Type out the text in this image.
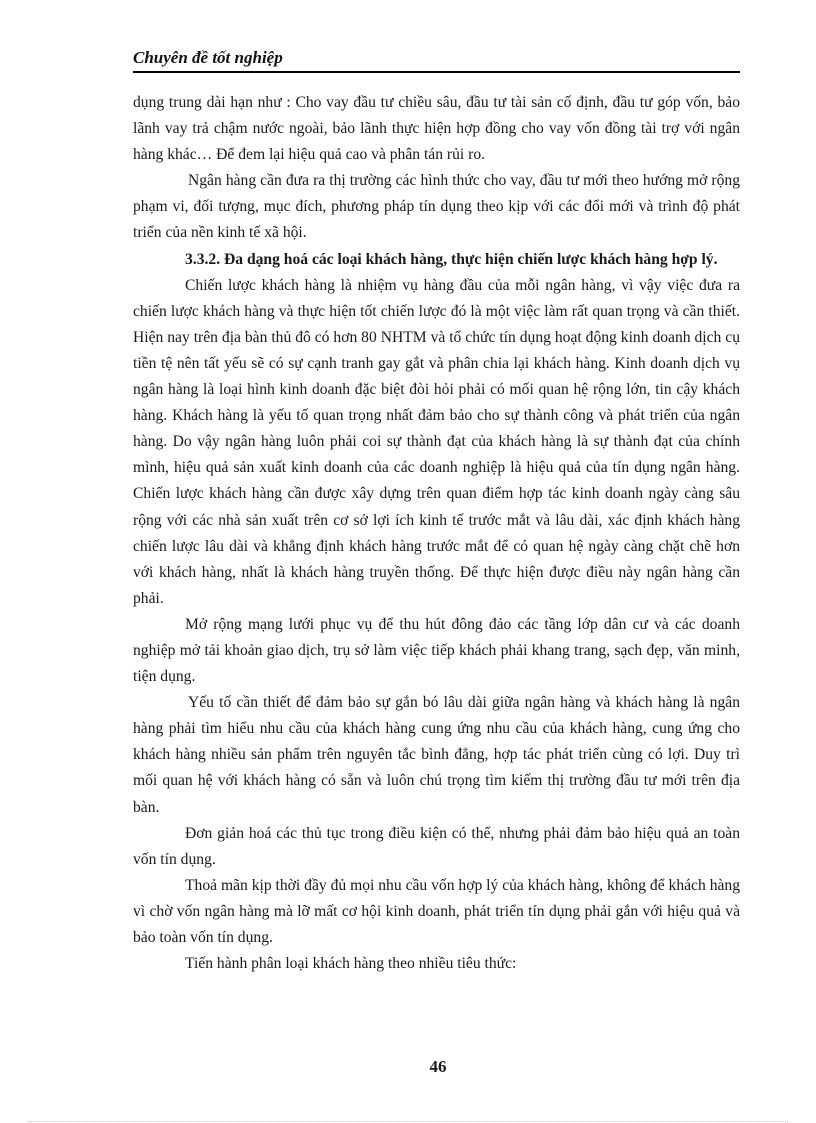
Chuyên đề tốt nghiệp

dụng trung dài hạn như : Cho vay đầu tư chiều sâu, đầu tư tài sản cố định, đầu tư góp vốn, bảo lãnh vay trả chậm nước ngoài, bảo lãnh thực hiện hợp đồng cho vay vốn đồng tài trợ với ngân hàng khác… Để đem lại hiệu quả cao và phân tán rủi ro.

Ngân hàng cần đưa ra thị trường các hình thức cho vay, đầu tư mới theo hướng mở rộng phạm vi, đối tượng, mục đích, phương pháp tín dụng theo kịp với các đổi mới và trình độ phát triển của nền kinh tế xã hội.

3.3.2. Đa dạng hoá các loại khách hàng, thực hiện chiến lược khách hàng hợp lý.

Chiến lược khách hàng là nhiệm vụ hàng đầu của mỗi ngân hàng, vì vậy việc đưa ra chiến lược khách hàng và thực hiện tốt chiến lược đó là một việc làm rất quan trọng và cần thiết. Hiện nay trên địa bàn thủ đô có hơn 80 NHTM và tổ chức tín dụng hoạt động kinh doanh dịch cụ tiền tệ nên tất yếu sẽ có sự cạnh tranh gay gắt và phân chia lại khách hàng. Kinh doanh dịch vụ ngân hàng là loại hình kinh doanh đặc biệt đòi hỏi phải có mối quan hệ rộng lớn, tin cậy khách hàng. Khách hàng là yếu tố quan trọng nhất đảm bảo cho sự thành công và phát triển của ngân hàng. Do vậy ngân hàng luôn phải coi sự thành đạt của khách hàng là sự thành đạt của chính mình, hiệu quả sản xuất kinh doanh của các doanh nghiệp là hiệu quả của tín dụng ngân hàng. Chiến lược khách hàng cần được xây dựng trên quan điểm hợp tác kinh doanh ngày càng sâu rộng với các nhà sản xuất trên cơ sở lợi ích kinh tế trước mắt và lâu dài, xác định khách hàng chiến lược lâu dài và khẳng định khách hàng trước mắt để có quan hệ ngày càng chặt chẽ hơn với khách hàng, nhất là khách hàng truyền thống. Để thực hiện được điều này ngân hàng cần phải.

Mở rộng mạng lưới phục vụ để thu hút đông đảo các tầng lớp dân cư và các doanh nghiệp mở tải khoản giao dịch, trụ sở làm việc tiếp khách phải khang trang, sạch đẹp, văn minh, tiện dụng.

Yếu tố cần thiết để đảm bảo sự gắn bó lâu dài giữa ngân hàng và khách hàng là ngân hàng phải tìm hiểu nhu cầu của khách hàng cung ứng nhu cầu của khách hàng, cung ứng cho khách hàng nhiều sản phẩm trên nguyên tắc bình đẳng, hợp tác phát triển cùng có lợi. Duy trì mối quan hệ với khách hàng có sẵn và luôn chú trọng tìm kiếm thị trường đầu tư mới trên địa bàn.

Đơn giản hoá các thủ tục trong điều kiện có thể, nhưng phải đảm bảo hiệu quả an toàn vốn tín dụng.

Thoả mãn kịp thời đầy đủ mọi nhu cầu vốn hợp lý của khách hàng, không để khách hàng vì chờ vốn ngân hàng mà lỡ mất cơ hội kinh doanh, phát triển tín dụng phải gắn với hiệu quả và bảo toàn vốn tín dụng.

Tiến hành phân loại khách hàng theo nhiều tiêu thức:

46
